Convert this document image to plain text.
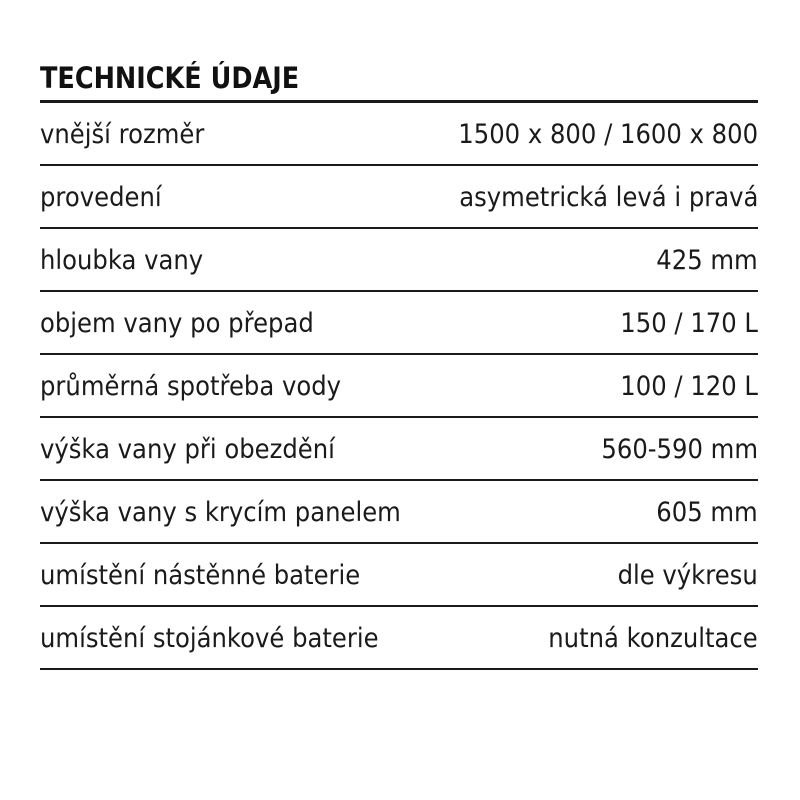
TECHNICKÉ ÚDAJE
vnější rozměr	1500 x 800 / 1600 x 800
provedení	asymetrická levá i pravá
hloubka vany	425 mm
objem vany po přepad	150 / 170 L
průměrná spotřeba vody	100 / 120 L
výška vany při obezdění	560-590 mm
výška vany s krycím panelem	605 mm
umístění nástěnné baterie	dle výkresu
umístění stojánkové baterie	nutná konzultace
